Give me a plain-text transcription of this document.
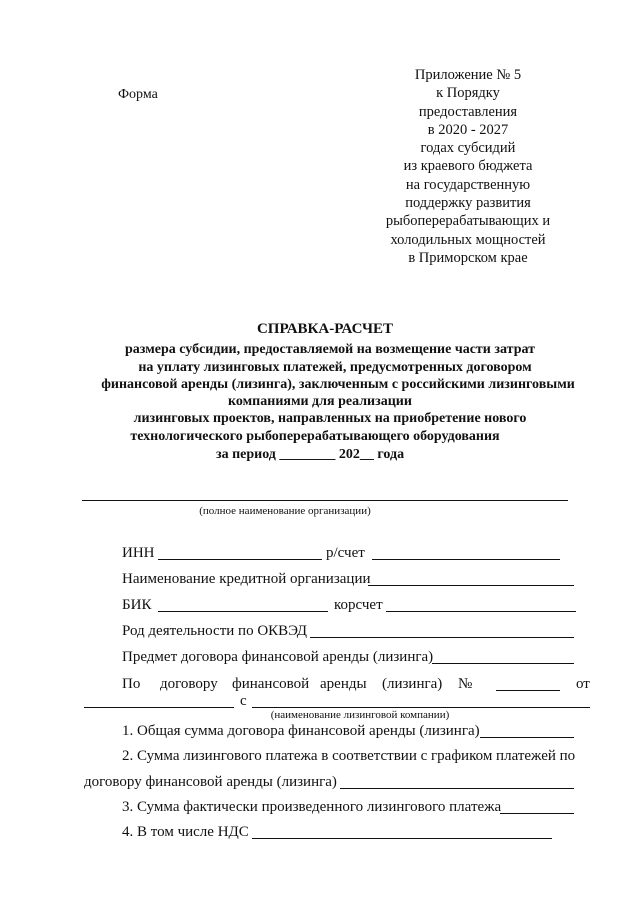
Форма
Приложение № 5
к Порядку
предоставления
в 2020 - 2027
годах субсидий
из краевого бюджета
на государственную
поддержку развития
рыбоперерабатывающих и
холодильных мощностей
в Приморском крае
СПРАВКА-РАСЧЕТ
размера субсидии, предоставляемой на возмещение части затрат
на уплату лизинговых платежей, предусмотренных договором
финансовой аренды (лизинга), заключенным с российскими лизинговыми
компаниями для реализации
лизинговых проектов, направленных на приобретение нового
технологического рыбоперерабатывающего оборудования
за период ________ 202__ года
(полное наименование организации)
ИНН	р/счет
Наименование кредитной организации
БИК	корсчет
Род деятельности по ОКВЭД
Предмет договора финансовой аренды (лизинга)
По договору финансовой аренды (лизинга) №	от
с
(наименование лизинговой компании)
1. Общая сумма договора финансовой аренды (лизинга)
2. Сумма лизингового платежа в соответствии с графиком платежей по
договору финансовой аренды (лизинга)
3. Сумма фактически произведенного лизингового платежа
4. В том числе НДС
